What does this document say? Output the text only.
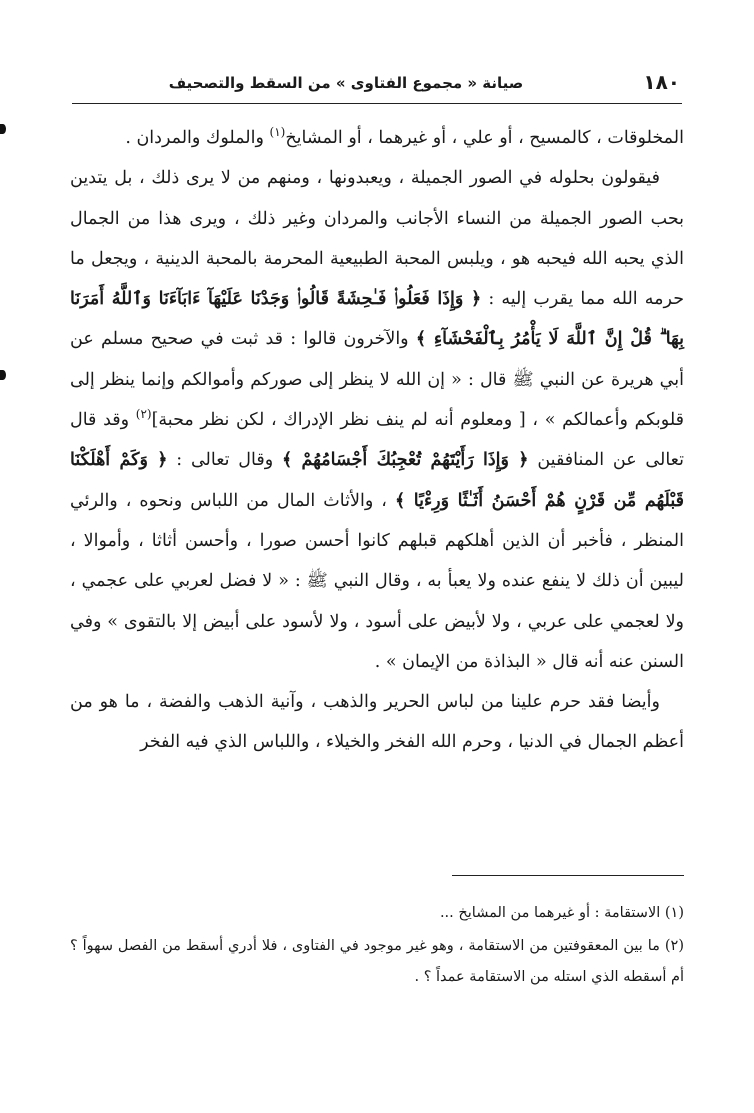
١٨٠
صيانة « مجموع الفتاوى » من السقط والتصحيف

المخلوقات ، كالمسيح ، أو علي ، أو غيرهما ، أو المشايخ$^{(١)}$ والملوك والمردان .

فيقولون بحلوله في الصور الجميلة ، ويعبدونها ، ومنهم من لا يرى ذلك ، بل يتدين بحب الصور الجميلة من النساء الأجانب والمردان وغير ذلك ، ويرى هذا من الجمال الذي يحبه الله فيحبه هو ، ويلبس المحبة الطبيعية المحرمة بالمحبة الدينية ، ويجعل ما حرمه الله مما يقرب إليه : ﴿ وَإِذَا فَعَلُوا۟ فَـٰحِشَةً قَالُوا۟ وَجَدْنَا عَلَيْهَآ ءَابَآءَنَا وَٱللَّهُ أَمَرَنَا بِهَا ۗ قُلْ إِنَّ ٱللَّهَ لَا يَأْمُرُ بِٱلْفَحْشَآءِ ﴾ والآخرون قالوا : قد ثبت في صحيح مسلم عن أبي هريرة عن النبي ﷺ قال : « إن الله لا ينظر إلى صوركم وأموالكم وإنما ينظر إلى قلوبكم وأعمالكم » ، [ ومعلوم أنه لم ينف نظر الإدراك ، لكن نظر محبة]$^{(٢)}$ وقد قال تعالى عن المنافقين ﴿ وَإِذَا رَأَيْتَهُمْ تُعْجِبُكَ أَجْسَامُهُمْ ﴾ وقال تعالى : ﴿ وَكَمْ أَهْلَكْنَا قَبْلَهُم مِّن قَرْنٍ هُمْ أَحْسَنُ أَثَـٰثًا وَرِءْيًا ﴾ ، والأثاث المال من اللباس ونحوه ، والرئي المنظر ، فأخبر أن الذين أهلكهم قبلهم كانوا أحسن صورا ، وأحسن أثاثا ، وأموالا ، ليبين أن ذلك لا ينفع عنده ولا يعبأ به ، وقال النبي ﷺ : « لا فضل لعربي على عجمي ، ولا لعجمي على عربي ، ولا لأبيض على أسود ، ولا لأسود على أبيض إلا بالتقوى » وفي السنن عنه أنه قال « البذاذة من الإيمان » .

وأيضا فقد حرم علينا من لباس الحرير والذهب ، وآنية الذهب والفضة ، ما هو من أعظم الجمال في الدنيا ، وحرم الله الفخر والخيلاء ، واللباس الذي فيه الفخر

(١) الاستقامة : أو غيرهما من المشايخ ...

(٢) ما بين المعقوفتين من الاستقامة ، وهو غير موجود في الفتاوى ، فلا أدري أسقط من الفصل سهواً ؟ أم أسقطه الذي استله من الاستقامة عمداً ؟ .
